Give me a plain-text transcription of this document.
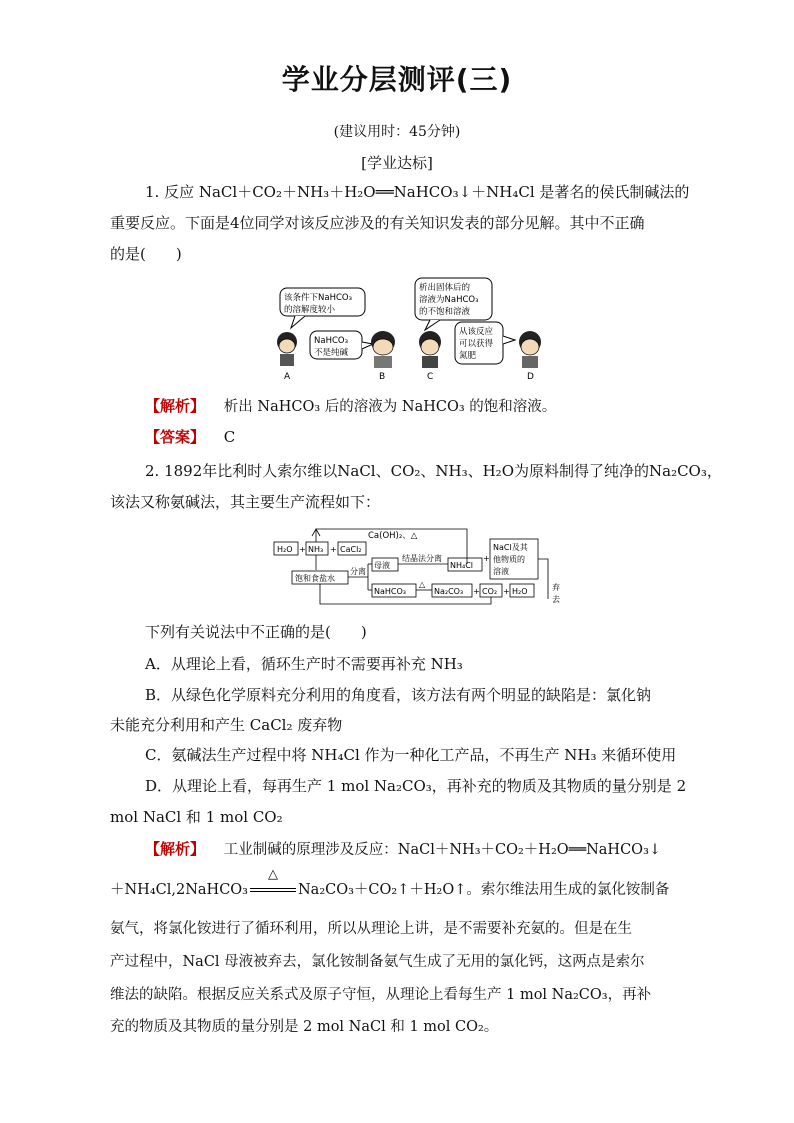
学业分层测评(三)
(建议用时：45分钟)
[学业达标]
1. 反应 NaCl＋CO₂＋NH₃＋H₂O══NaHCO₃↓＋NH₄Cl 是著名的侯氏制碱法的
重要反应。下面是4位同学对该反应涉及的有关知识发表的部分见解。其中不正确
的是(　　)
该条件下NaHCO₃
的溶解度较小
NaHCO₃
不是纯碱
析出固体后的
溶液为NaHCO₃
的不饱和溶液
从该反应
可以获得
氮肥
A	B	C	D
【解析】 析出 NaHCO₃ 后的溶液为 NaHCO₃ 的饱和溶液。
【答案】 C
2. 1892年比利时人索尔维以NaCl、CO₂、NH₃、H₂O为原料制得了纯净的Na₂CO₃，
该法又称氨碱法，其主要生产流程如下：
Ca(OH)₂、△
H₂O + NH₃ + CaCl₂
饱和食盐水
分离
母液
结晶法分离
NH₄Cl
+
NaCl及其
他物质的
溶液
NaHCO₃
△
Na₂CO₃ + CO₂ + H₂O	弃
去
下列有关说法中不正确的是(　　)
A．从理论上看，循环生产时不需要再补充 NH₃
B．从绿色化学原料充分利用的角度看，该方法有两个明显的缺陷是：氯化钠
未能充分利用和产生 CaCl₂ 废弃物
C．氨碱法生产过程中将 NH₄Cl 作为一种化工产品，不再生产 NH₃ 来循环使用
D．从理论上看，每再生产 1 mol Na₂CO₃，再补充的物质及其物质的量分别是 2
mol NaCl 和 1 mol CO₂
【解析】 工业制碱的原理涉及反应：NaCl＋NH₃＋CO₂＋H₂O══NaHCO₃↓
＋NH₄Cl,2NaHCO₃
△
Na₂CO₃＋CO₂↑＋H₂O↑。索尔维法用生成的氯化铵制备
氨气，将氯化铵进行了循环利用，所以从理论上讲，是不需要补充氨的。但是在生
产过程中，NaCl 母液被弃去，氯化铵制备氨气生成了无用的氯化钙，这两点是索尔
维法的缺陷。根据反应关系式及原子守恒，从理论上看每生产 1 mol Na₂CO₃，再补
充的物质及其物质的量分别是 2 mol NaCl 和 1 mol CO₂。
